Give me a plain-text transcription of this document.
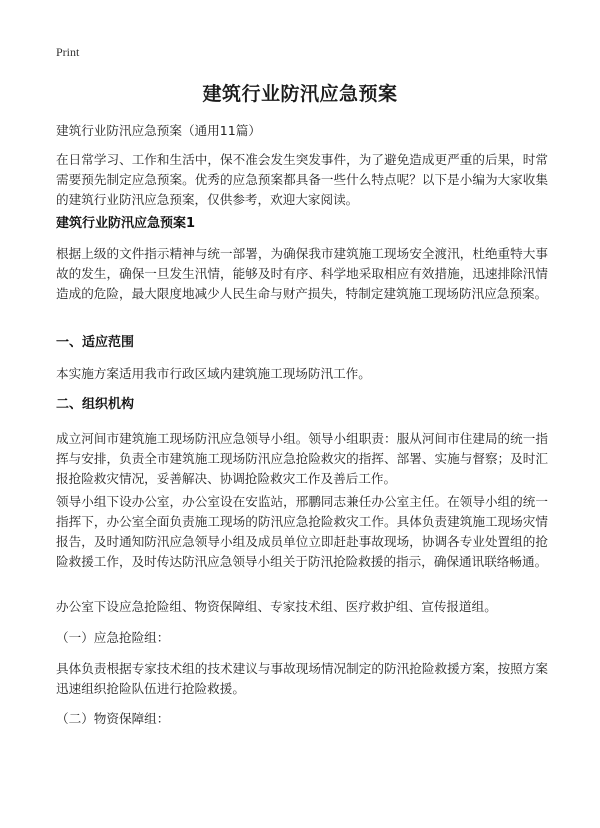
Print
建筑行业防汛应急预案
建筑行业防汛应急预案（通用11篇）
在日常学习、工作和生活中，保不准会发生突发事件，为了避免造成更严重的后果，时常需要预先制定应急预案。优秀的应急预案都具备一些什么特点呢？以下是小编为大家收集的建筑行业防汛应急预案，仅供参考，欢迎大家阅读。
建筑行业防汛应急预案1
根据上级的文件指示精神与统一部署，为确保我市建筑施工现场安全渡汛，杜绝重特大事故的发生，确保一旦发生汛情，能够及时有序、科学地采取相应有效措施，迅速排除汛情造成的危险，最大限度地减少人民生命与财产损失，特制定建筑施工现场防汛应急预案。
一、适应范围
本实施方案适用我市行政区域内建筑施工现场防汛工作。
二、组织机构
成立河间市建筑施工现场防汛应急领导小组。领导小组职责：服从河间市住建局的统一指挥与安排，负责全市建筑施工现场防汛应急抢险救灾的指挥、部署、实施与督察；及时汇报抢险救灾情况，妥善解决、协调抢险救灾工作及善后工作。
领导小组下设办公室，办公室设在安监站，邢鹏同志兼任办公室主任。在领导小组的统一指挥下，办公室全面负责施工现场的防汛应急抢险救灾工作。具体负责建筑施工现场灾情报告，及时通知防汛应急领导小组及成员单位立即赶赴事故现场，协调各专业处置组的抢险救援工作，及时传达防汛应急领导小组关于防汛抢险救援的指示，确保通讯联络畅通。
办公室下设应急抢险组、物资保障组、专家技术组、医疗救护组、宣传报道组。
（一）应急抢险组：
具体负责根据专家技术组的技术建议与事故现场情况制定的防汛抢险救援方案，按照方案迅速组织抢险队伍进行抢险救援。
（二）物资保障组：
